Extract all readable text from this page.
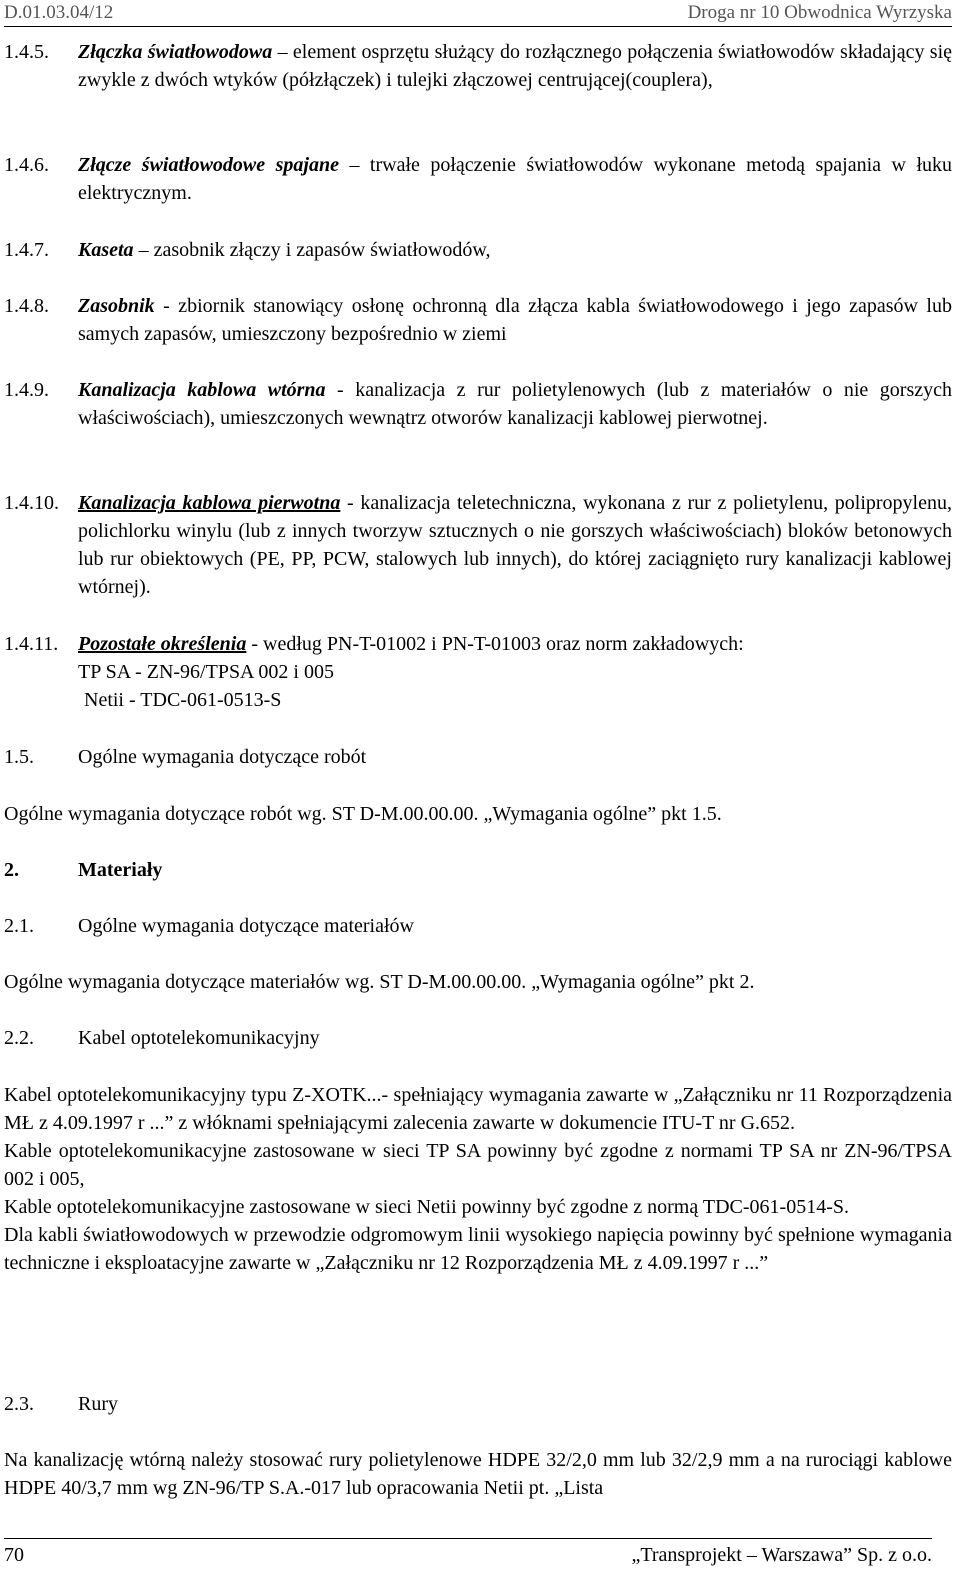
D.01.03.04/12	Droga nr 10 Obwodnica Wyrzyska
1.4.5.	Złączka światłowodowa – element osprzętu służący do rozłącznego połączenia światłowodów składający się zwykle z dwóch wtyków (półzłączek) i tulejki złączowej centrującej(couplera),
1.4.6.	Złącze światłowodowe spajane – trwałe połączenie światłowodów wykonane metodą spajania w łuku elektrycznym.
1.4.7.	Kaseta – zasobnik złączy i zapasów światłowodów,
1.4.8.	Zasobnik - zbiornik stanowiący osłonę ochronną dla złącza kabla światłowodowego i jego zapasów lub samych zapasów, umieszczony bezpośrednio w ziemi
1.4.9.	Kanalizacja kablowa wtórna - kanalizacja z rur polietylenowych (lub z materiałów o nie gorszych właściwościach), umieszczonych wewnątrz otworów kanalizacji kablowej pierwotnej.
1.4.10. Kanalizacja kablowa pierwotna - kanalizacja teletechniczna, wykonana z rur z polietylenu, polipropylenu, polichlorku winylu (lub z innych tworzyw sztucznych o nie gorszych właściwościach) bloków betonowych lub rur obiektowych (PE, PP, PCW, stalowych lub innych), do której zaciągnięto rury kanalizacji kablowej wtórnej).
1.4.11. Pozostałe określenia - według PN-T-01002 i PN-T-01003 oraz norm zakładowych:
TP SA - ZN-96/TPSA 002 i 005
Netii - TDC-061-0513-S
1.5.	Ogólne wymagania dotyczące robót
Ogólne wymagania dotyczące robót wg. ST D-M.00.00.00. „Wymagania ogólne” pkt 1.5.
2.	Materiały
2.1.	Ogólne wymagania dotyczące materiałów
Ogólne wymagania dotyczące materiałów wg. ST D-M.00.00.00. „Wymagania ogólne” pkt 2.
2.2.	Kabel optotelekomunikacyjny
Kabel optotelekomunikacyjny typu Z-XOTK...- spełniający wymagania zawarte w „Załączniku nr 11 Rozporządzenia MŁ z 4.09.1997 r ...” z włóknami spełniającymi zalecenia zawarte w dokumencie ITU-T nr G.652.
Kable optotelekomunikacyjne zastosowane w sieci TP SA powinny być zgodne z normami TP SA nr ZN-96/TPSA 002 i 005,
Kable optotelekomunikacyjne zastosowane w sieci Netii powinny być zgodne z normą TDC-061-0514-S.
Dla kabli światłowodowych w przewodzie odgromowym linii wysokiego napięcia powinny być spełnione wymagania techniczne i eksploatacyjne zawarte w „Załączniku nr 12 Rozporządzenia MŁ z 4.09.1997 r ...”
2.3.	Rury
Na kanalizację wtórną należy stosować rury polietylenowe HDPE 32/2,0 mm lub 32/2,9 mm a na rurociągi kablowe HDPE 40/3,7 mm wg ZN-96/TP S.A.-017 lub opracowania Netii pt. „Lista
70	„Transprojekt – Warszawa” Sp. z o.o.
